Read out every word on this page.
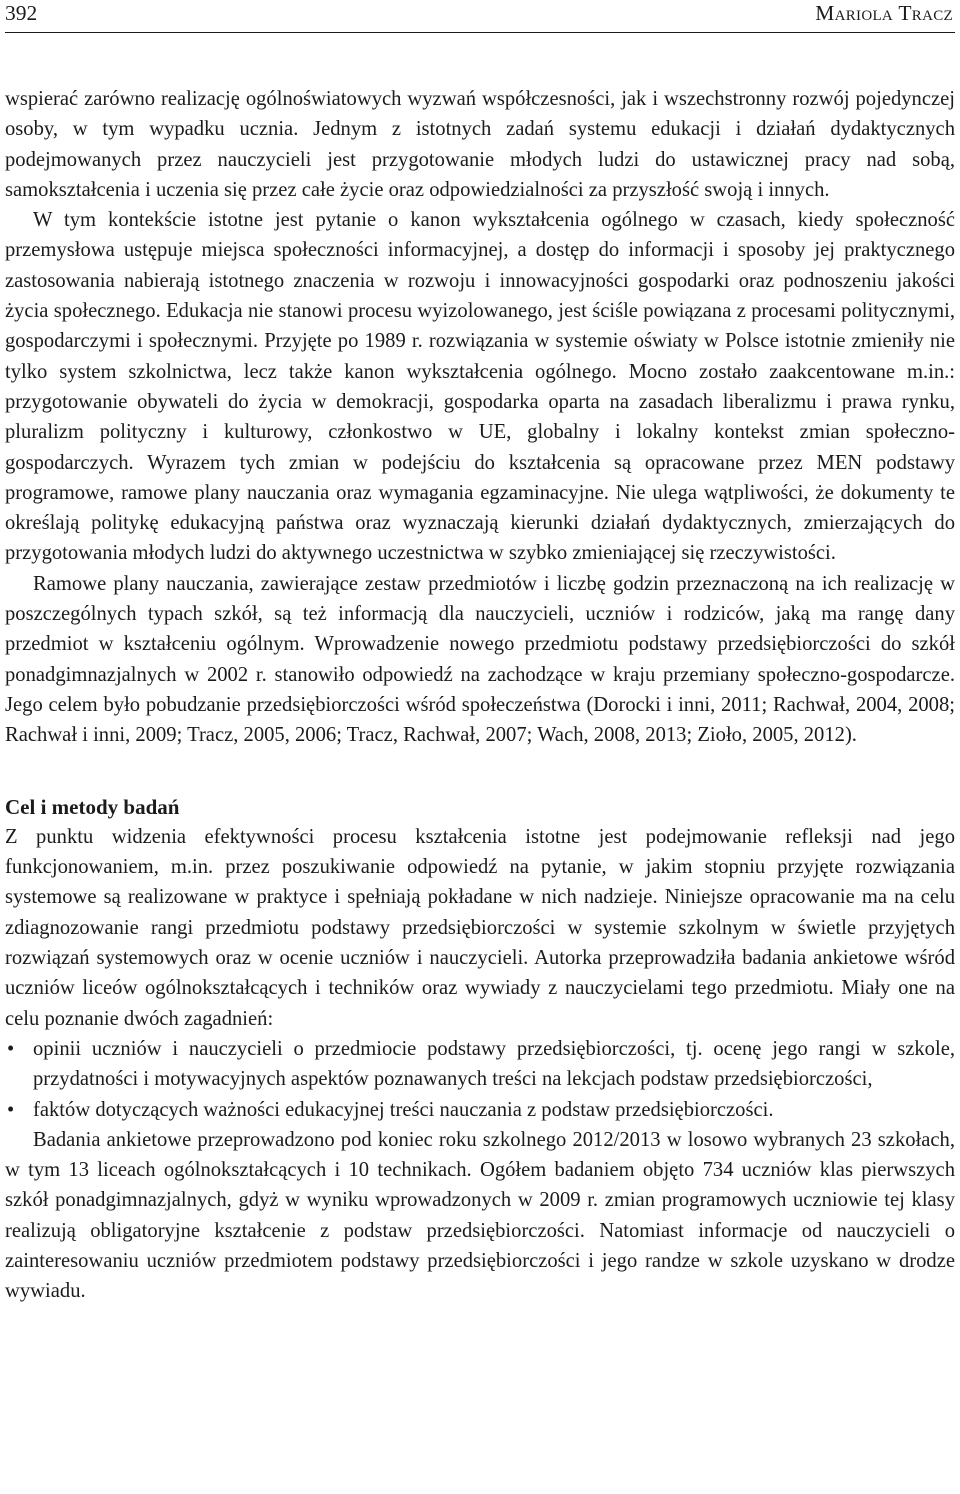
392	Mariola Tracz

wspierać zarówno realizację ogólnoświatowych wyzwań współczesności, jak i wszechstronny rozwój pojedynczej osoby, w tym wypadku ucznia. Jednym z istotnych zadań systemu edukacji i działań dydaktycznych podejmowanych przez nauczycieli jest przygotowanie młodych ludzi do ustawicznej pracy nad sobą, samokształcenia i uczenia się przez całe życie oraz odpowiedzialności za przyszłość swoją i innych.

W tym kontekście istotne jest pytanie o kanon wykształcenia ogólnego w czasach, kiedy społeczność przemysłowa ustępuje miejsca społeczności informacyjnej, a dostęp do informacji i sposoby jej praktycznego zastosowania nabierają istotnego znaczenia w rozwoju i innowacyjności gospodarki oraz podnoszeniu jakości życia społecznego. Edukacja nie stanowi procesu wyizolowanego, jest ściśle powiązana z procesami politycznymi, gospodarczymi i społecznymi. Przyjęte po 1989 r. rozwiązania w systemie oświaty w Polsce istotnie zmieniły nie tylko system szkolnictwa, lecz także kanon wykształcenia ogólnego. Mocno zostało zaakcentowane m.in.: przygotowanie obywateli do życia w demokracji, gospodarka oparta na zasadach liberalizmu i prawa rynku, pluralizm polityczny i kulturowy, członkostwo w UE, globalny i lokalny kontekst zmian społeczno-gospodarczych. Wyrazem tych zmian w podejściu do kształcenia są opracowane przez MEN podstawy programowe, ramowe plany nauczania oraz wymagania egzaminacyjne. Nie ulega wątpliwości, że dokumenty te określają politykę edukacyjną państwa oraz wyznaczają kierunki działań dydaktycznych, zmierzających do przygotowania młodych ludzi do aktywnego uczestnictwa w szybko zmieniającej się rzeczywistości.

Ramowe plany nauczania, zawierające zestaw przedmiotów i liczbę godzin przeznaczoną na ich realizację w poszczególnych typach szkół, są też informacją dla nauczycieli, uczniów i rodziców, jaką ma rangę dany przedmiot w kształceniu ogólnym. Wprowadzenie nowego przedmiotu podstawy przedsiębiorczości do szkół ponadgimnazjalnych w 2002 r. stanowiło odpowiedź na zachodzące w kraju przemiany społeczno-gospodarcze. Jego celem było pobudzanie przedsiębiorczości wśród społeczeństwa (Dorocki i inni, 2011; Rachwał, 2004, 2008; Rachwał i inni, 2009; Tracz, 2005, 2006; Tracz, Rachwał, 2007; Wach, 2008, 2013; Zioło, 2005, 2012).

Cel i metody badań

Z punktu widzenia efektywności procesu kształcenia istotne jest podejmowanie refleksji nad jego funkcjonowaniem, m.in. przez poszukiwanie odpowiedź na pytanie, w jakim stopniu przyjęte rozwiązania systemowe są realizowane w praktyce i spełniają pokładane w nich nadzieje. Niniejsze opracowanie ma na celu zdiagnozowanie rangi przedmiotu podstawy przedsiębiorczości w systemie szkolnym w świetle przyjętych rozwiązań systemowych oraz w ocenie uczniów i nauczycieli. Autorka przeprowadziła badania ankietowe wśród uczniów liceów ogólnokształcących i techników oraz wywiady z nauczycielami tego przedmiotu. Miały one na celu poznanie dwóch zagadnień:

• opinii uczniów i nauczycieli o przedmiocie podstawy przedsiębiorczości, tj. ocenę jego rangi w szkole, przydatności i motywacyjnych aspektów poznawanych treści na lekcjach podstaw przedsiębiorczości,
• faktów dotyczących ważności edukacyjnej treści nauczania z podstaw przedsiębiorczości.

Badania ankietowe przeprowadzono pod koniec roku szkolnego 2012/2013 w losowo wybranych 23 szkołach, w tym 13 liceach ogólnokształcących i 10 technikach. Ogółem badaniem objęto 734 uczniów klas pierwszych szkół ponadgimnazjalnych, gdyż w wyniku wprowadzonych w 2009 r. zmian programowych uczniowie tej klasy realizują obligatoryjne kształcenie z podstaw przedsiębiorczości. Natomiast informacje od nauczycieli o zainteresowaniu uczniów przedmiotem podstawy przedsiębiorczości i jego randze w szkole uzyskano w drodze wywiadu.
